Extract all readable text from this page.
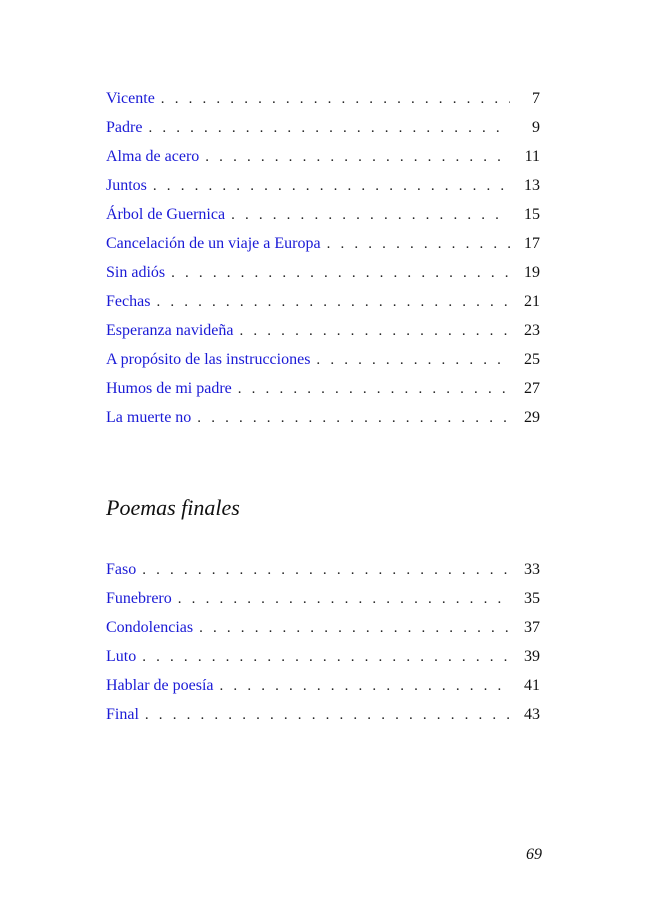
Vicente . . .	7
Padre . . .	9
Alma de acero . . .	11
Juntos . . .	13
Árbol de Guernica . . .	15
Cancelación de un viaje a Europa . . .	17
Sin adiós . . .	19
Fechas . . .	21
Esperanza navideña . . .	23
A propósito de las instrucciones . . .	25
Humos de mi padre . . .	27
La muerte no . . .	29
Poemas finales
Faso . . .	33
Funebrero . . .	35
Condolencias . . .	37
Luto . . .	39
Hablar de poesía . . .	41
Final . . .	43
69
